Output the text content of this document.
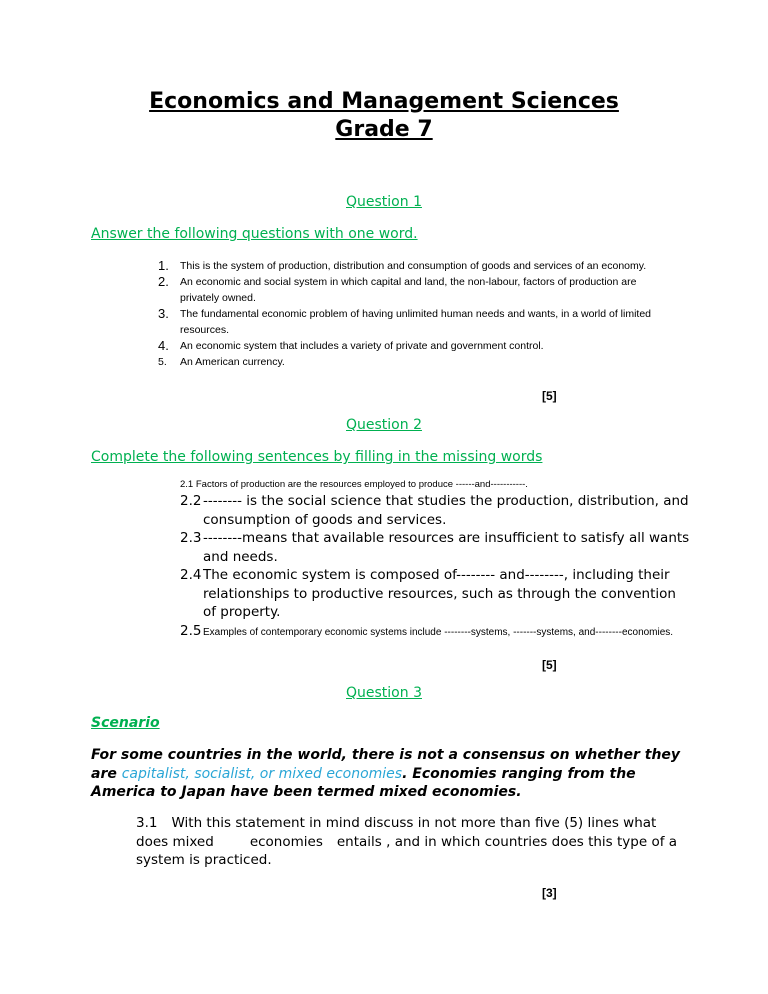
Economics and Management Sciences
Grade 7
Question 1
Answer the following questions with one word.
1. This is the system of production, distribution and consumption of goods and services of an economy.
2. An economic and social system in which capital and land, the non-labour, factors of production are privately owned.
3. The fundamental economic problem of having unlimited human needs and wants, in a world of limited resources.
4. An economic system that includes a variety of private and government control.
5. An American currency.
[5]
Question 2
Complete the following sentences by filling in the missing words
2.1 Factors of production are the resources employed to produce ------and-----------.
2.2 -------- is the social science that studies the production, distribution, and consumption of goods and services.
2.3 --------means that available resources are insufficient to satisfy all wants and needs.
2.4 The economic system is composed of-------- and--------, including their relationships to productive resources, such as through the convention of property.
2.5 Examples of contemporary economic systems include --------systems, -------systems, and--------economies.
[5]
Question 3
Scenario
For some countries in the world, there is not a consensus on whether they are capitalist, socialist, or mixed economies. Economies ranging from the America to Japan have been termed mixed economies.
3.1 With this statement in mind discuss in not more than five (5) lines what does mixed	economies entails , and in which countries does this type of a system is practiced.
[3]
